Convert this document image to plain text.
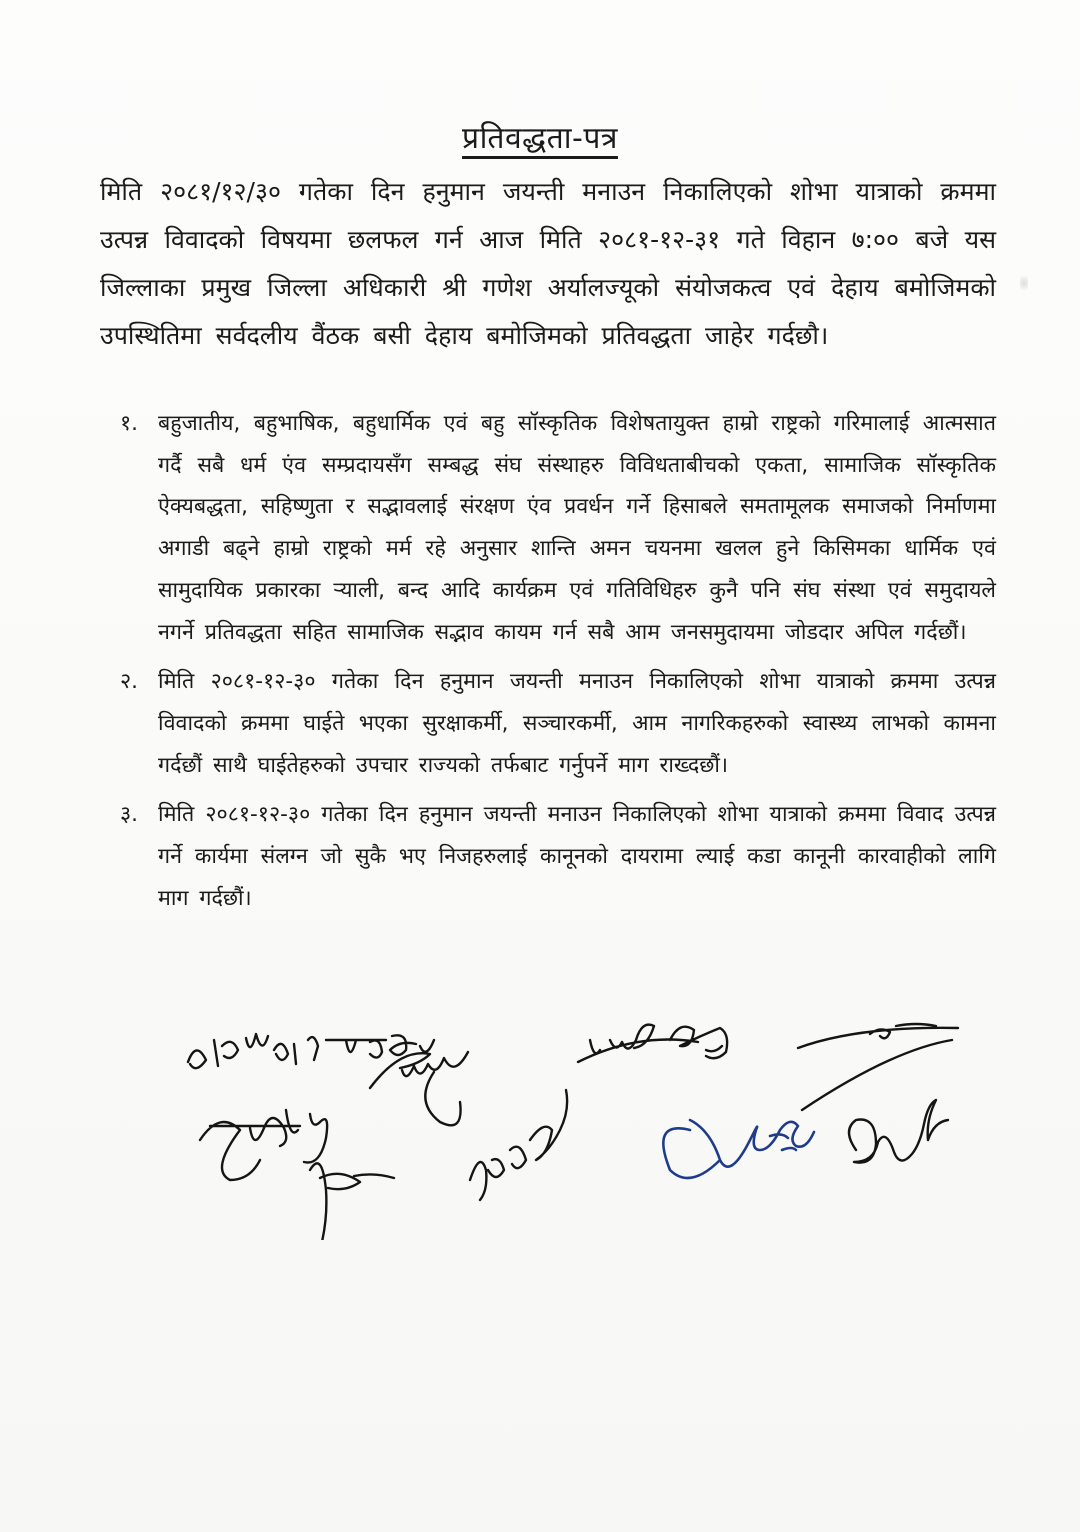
प्रतिवद्धता-पत्र
मिति २०८१/१२/३० गतेका दिन हनुमान जयन्ती मनाउन निकालिएको शोभा यात्राको क्रममा उत्पन्न विवादको विषयमा छलफल गर्न आज मिति २०८१-१२-३१ गते विहान ७:०० बजे यस जिल्लाका प्रमुख जिल्ला अधिकारी श्री गणेश अर्यालज्यूको संयोजकत्व एवं देहाय बमोजिमको उपस्थितिमा सर्वदलीय वैंठक बसी देहाय बमोजिमको प्रतिवद्धता जाहेर गर्दछौ।
१. बहुजातीय, बहुभाषिक, बहुधार्मिक एवं बहु सॉस्कृतिक विशेषतायुक्त हाम्रो राष्ट्रको गरिमालाई आत्मसात गर्दै सबै धर्म एंव सम्प्रदायसँग सम्बद्ध संघ संस्थाहरु विविधताबीचको एकता, सामाजिक सॉस्कृतिक ऐक्यबद्धता, सहिष्णुता र सद्भावलाई संरक्षण एंव प्रवर्धन गर्ने हिसाबले समतामूलक समाजको निर्माणमा अगाडी बढ्ने हाम्रो राष्ट्रको मर्म रहे अनुसार शान्ति अमन चयनमा खलल हुने किसिमका धार्मिक एवं सामुदायिक प्रकारका र्‍याली, बन्द आदि कार्यक्रम एवं गतिविधिहरु कुनै पनि संघ संस्था एवं समुदायले नगर्ने प्रतिवद्धता सहित सामाजिक सद्भाव कायम गर्न सबै आम जनसमुदायमा जोडदार अपिल गर्दछौं।
२. मिति २०८१-१२-३० गतेका दिन हनुमान जयन्ती मनाउन निकालिएको शोभा यात्राको क्रममा उत्पन्न विवादको क्रममा घाईते भएका सुरक्षाकर्मी, सञ्चारकर्मी, आम नागरिकहरुको स्वास्थ्य लाभको कामना गर्दछौं साथै घाईतेहरुको उपचार राज्यको तर्फबाट गर्नुपर्ने माग राख्दछौं।
३. मिति २०८१-१२-३० गतेका दिन हनुमान जयन्ती मनाउन निकालिएको शोभा यात्राको क्रममा विवाद उत्पन्न गर्ने कार्यमा संलग्न जो सुकै भए निजहरुलाई कानूनको दायरामा ल्याई कडा कानूनी कारवाहीको लागि माग गर्दछौं।
